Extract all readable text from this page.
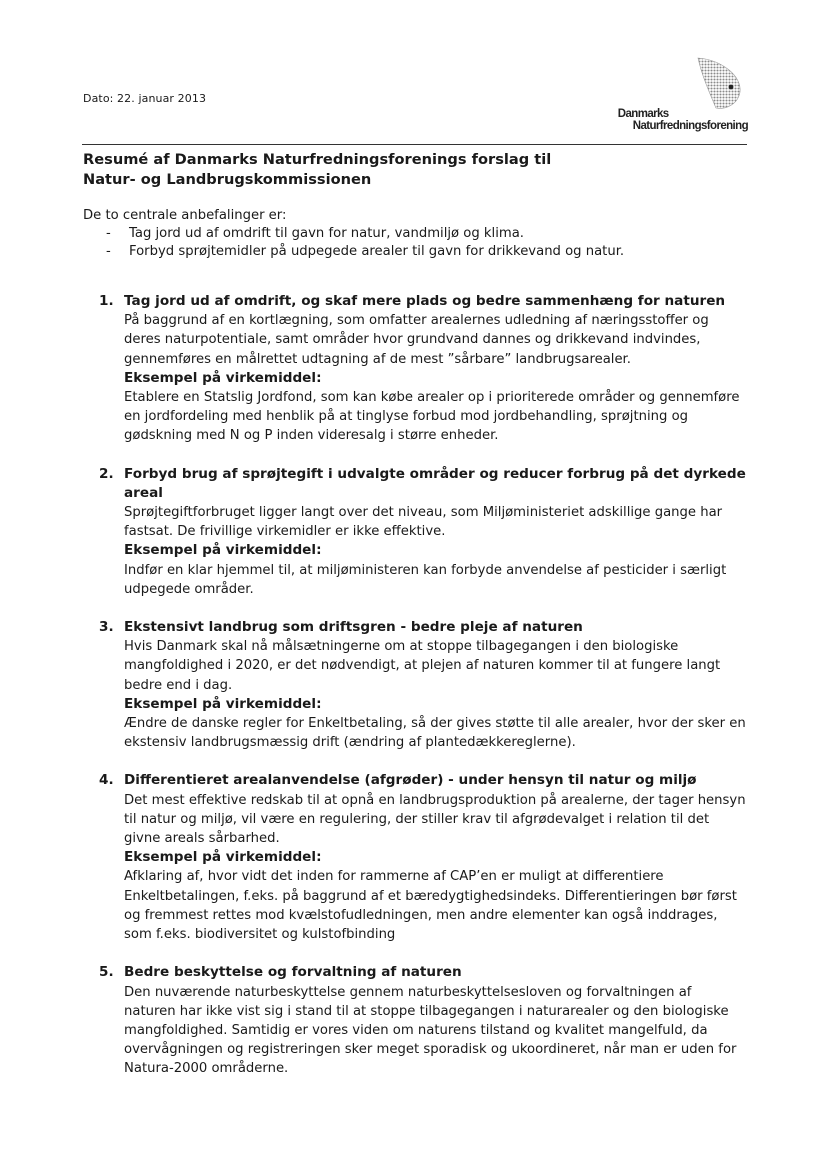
Dato: 22. januar 2013
Danmarks
Naturfredningsforening
Resumé af Danmarks Naturfredningsforenings forslag til
Natur- og Landbrugskommissionen
De to centrale anbefalinger er:
- Tag jord ud af omdrift til gavn for natur, vandmiljø og klima.
- Forbyd sprøjtemidler på udpegede arealer til gavn for drikkevand og natur.
1. Tag jord ud af omdrift, og skaf mere plads og bedre sammenhæng for naturen

På baggrund af en kortlægning, som omfatter arealernes udledning af næringsstoffer og deres naturpotentiale, samt områder hvor grundvand dannes og drikkevand indvindes, gennemføres en målrettet udtagning af de mest ”sårbare” landbrugsarealer.

Eksempel på virkemiddel:

Etablere en Statslig Jordfond, som kan købe arealer op i prioriterede områder og gennemføre en jordfordeling med henblik på at tinglyse forbud mod jordbehandling, sprøjtning og gødskning med N og P inden videresalg i større enheder.

2. Forbyd brug af sprøjtegift i udvalgte områder og reducer forbrug på det dyrkede areal

Sprøjtegiftforbruget ligger langt over det niveau, som Miljøministeriet adskillige gange har fastsat. De frivillige virkemidler er ikke effektive.

Eksempel på virkemiddel:

Indfør en klar hjemmel til, at miljøministeren kan forbyde anvendelse af pesticider i særligt udpegede områder.

3. Ekstensivt landbrug som driftsgren - bedre pleje af naturen

Hvis Danmark skal nå målsætningerne om at stoppe tilbagegangen i den biologiske mangfoldighed i 2020, er det nødvendigt, at plejen af naturen kommer til at fungere langt bedre end i dag.

Eksempel på virkemiddel:

Ændre de danske regler for Enkeltbetaling, så der gives støtte til alle arealer, hvor der sker en ekstensiv landbrugsmæssig drift (ændring af plantedækkereglerne).

4. Differentieret arealanvendelse (afgrøder) - under hensyn til natur og miljø

Det mest effektive redskab til at opnå en landbrugsproduktion på arealerne, der tager hensyn til natur og miljø, vil være en regulering, der stiller krav til afgrødevalget i relation til det givne areals sårbarhed.

Eksempel på virkemiddel:

Afklaring af, hvor vidt det inden for rammerne af CAP’en er muligt at differentiere Enkeltbetalingen, f.eks. på baggrund af et bæredygtighedsindeks. Differentieringen bør først og fremmest rettes mod kvælstofudledningen, men andre elementer kan også inddrages, som f.eks. biodiversitet og kulstofbinding

5. Bedre beskyttelse og forvaltning af naturen

Den nuværende naturbeskyttelse gennem naturbeskyttelsesloven og forvaltningen af naturen har ikke vist sig i stand til at stoppe tilbagegangen i naturarealer og den biologiske mangfoldighed. Samtidig er vores viden om naturens tilstand og kvalitet mangelfuld, da overvågningen og registreringen sker meget sporadisk og ukoordineret, når man er uden for Natura-2000 områderne.
